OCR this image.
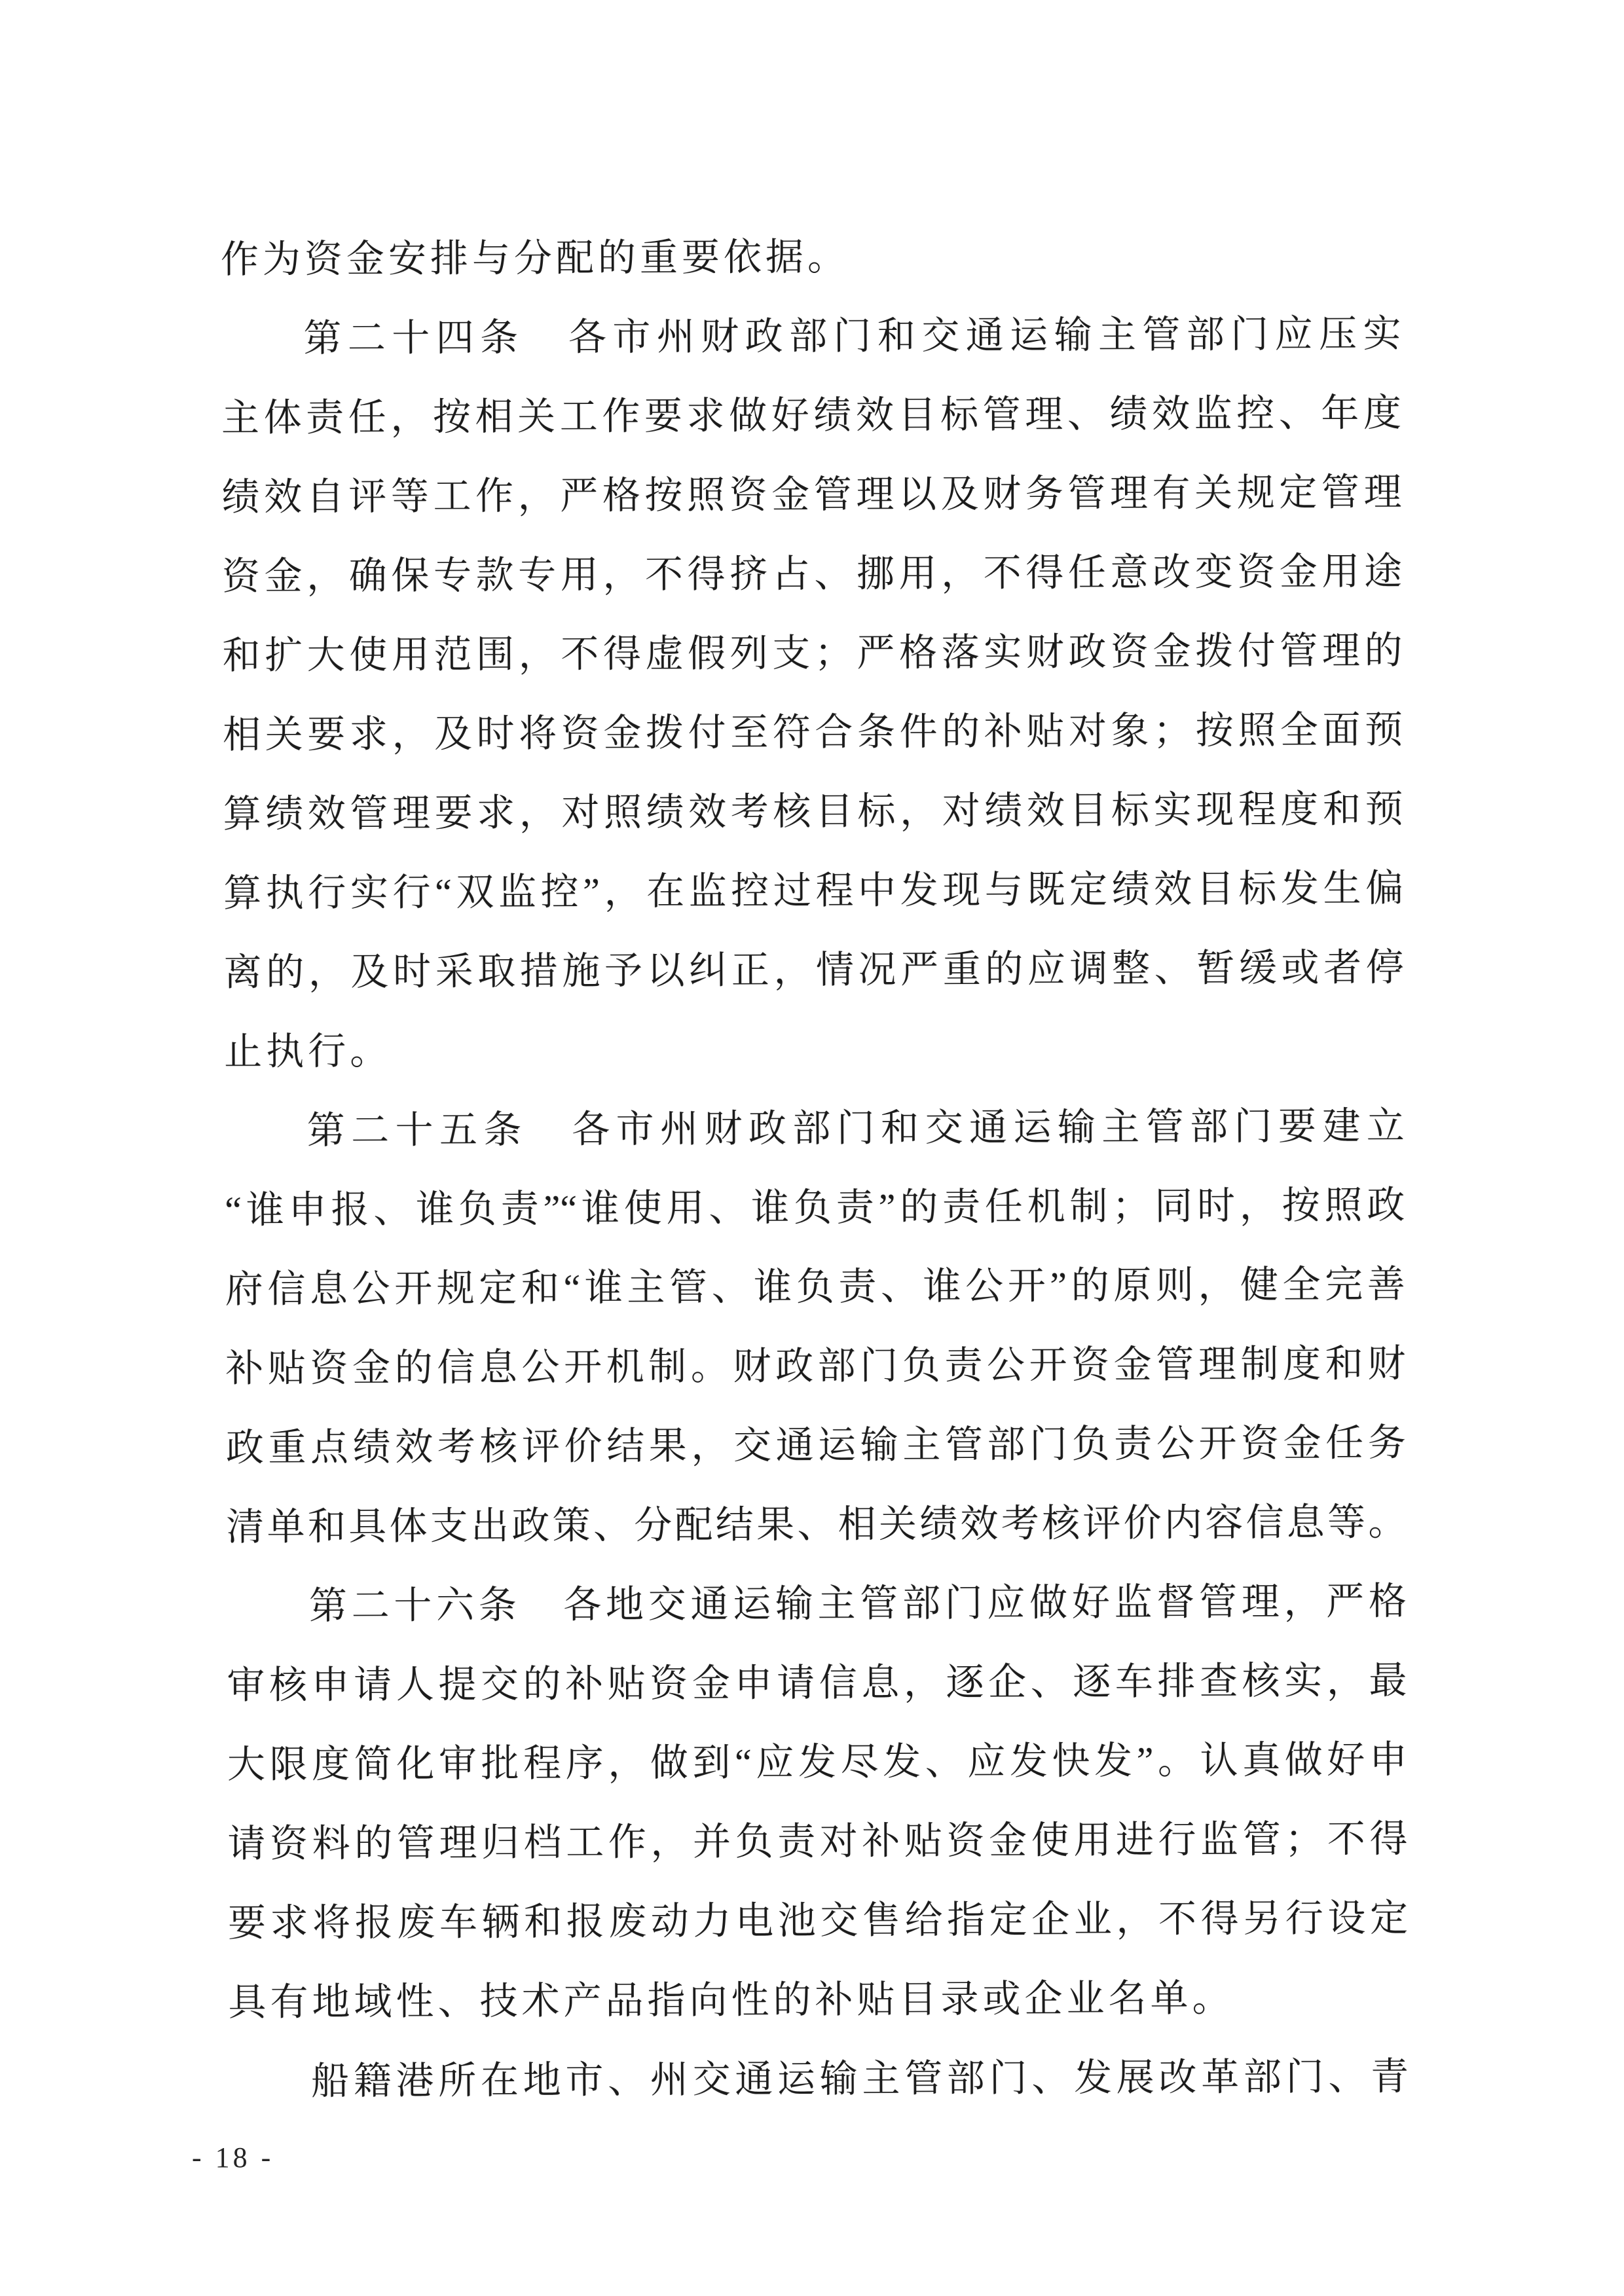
作为资金安排与分配的重要依据。
第二十四条　各市州财政部门和交通运输主管部门应压实
主体责任，按相关工作要求做好绩效目标管理、绩效监控、年度
绩效自评等工作，严格按照资金管理以及财务管理有关规定管理
资金，确保专款专用，不得挤占、挪用，不得任意改变资金用途
和扩大使用范围，不得虚假列支；严格落实财政资金拨付管理的
相关要求，及时将资金拨付至符合条件的补贴对象；按照全面预
算绩效管理要求，对照绩效考核目标，对绩效目标实现程度和预
算执行实行“双监控”，在监控过程中发现与既定绩效目标发生偏
离的，及时采取措施予以纠正，情况严重的应调整、暂缓或者停
止执行。
第二十五条　各市州财政部门和交通运输主管部门要建立
“谁申报、谁负责”“谁使用、谁负责”的责任机制；同时，按照政
府信息公开规定和“谁主管、谁负责、谁公开”的原则，健全完善
补贴资金的信息公开机制。财政部门负责公开资金管理制度和财
政重点绩效考核评价结果，交通运输主管部门负责公开资金任务
清单和具体支出政策、分配结果、相关绩效考核评价内容信息等。
第二十六条　各地交通运输主管部门应做好监督管理，严格
审核申请人提交的补贴资金申请信息，逐企、逐车排查核实，最
大限度简化审批程序，做到“应发尽发、应发快发”。认真做好申
请资料的管理归档工作，并负责对补贴资金使用进行监管；不得
要求将报废车辆和报废动力电池交售给指定企业，不得另行设定
具有地域性、技术产品指向性的补贴目录或企业名单。
船籍港所在地市、州交通运输主管部门、发展改革部门、青
- 18 -
